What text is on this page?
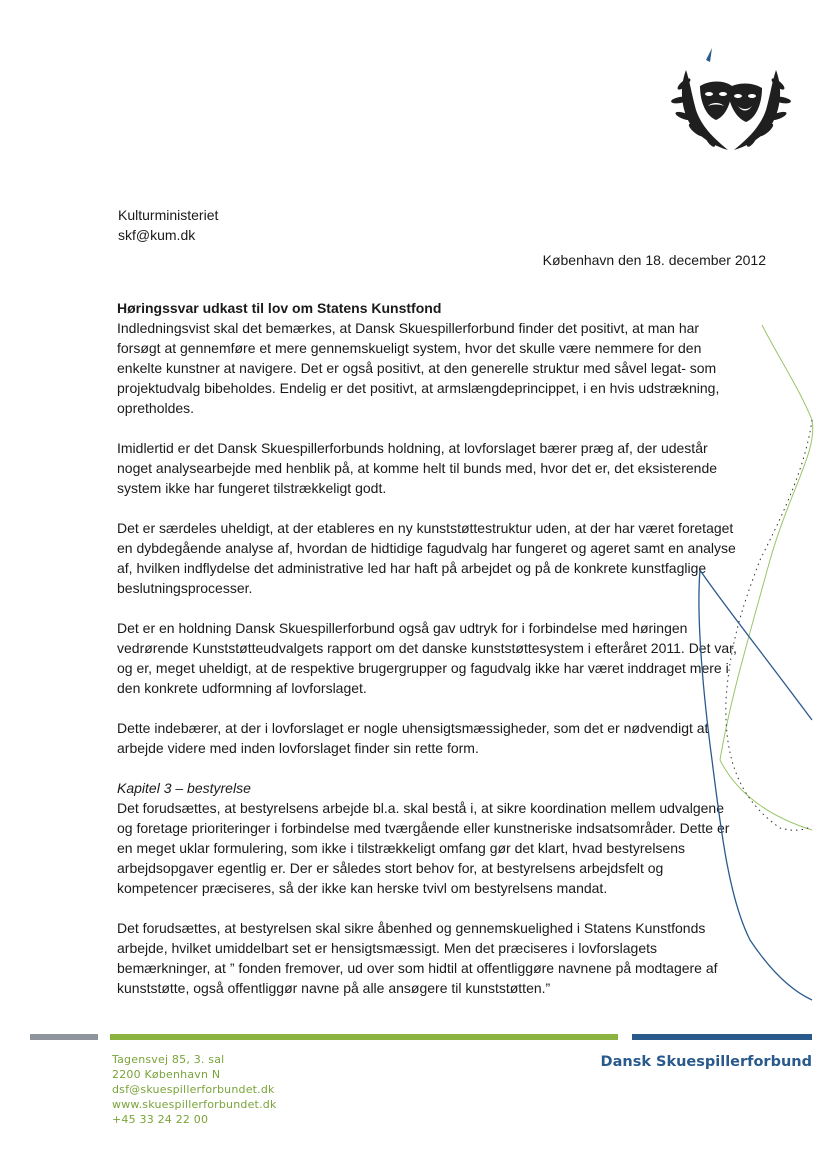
Kulturministeriet
skf@kum.dk
København den 18. december 2012
Høringssvar udkast til lov om Statens Kunstfond

Indledningsvist skal det bemærkes, at Dansk Skuespillerforbund finder det positivt, at man har forsøgt at gennemføre et mere gennemskueligt system, hvor det skulle være nemmere for den enkelte kunstner at navigere. Det er også positivt, at den generelle struktur med såvel legat- som projektudvalg bibeholdes. Endelig er det positivt, at armslængdeprincippet, i en hvis udstrækning, opretholdes.

Imidlertid er det Dansk Skuespillerforbunds holdning, at lovforslaget bærer præg af, der udestår noget analysearbejde med henblik på, at komme helt til bunds med, hvor det er, det eksisterende system ikke har fungeret tilstrækkeligt godt.

Det er særdeles uheldigt, at der etableres en ny kunststøttestruktur uden, at der har været foretaget en dybdegående analyse af, hvordan de hidtidige fagudvalg har fungeret og ageret samt en analyse af, hvilken indflydelse det administrative led har haft på arbejdet og på de konkrete kunstfaglige beslutningsprocesser.

Det er en holdning Dansk Skuespillerforbund også gav udtryk for i forbindelse med høringen vedrørende Kunststøtteudvalgets rapport om det danske kunststøttesystem i efteråret 2011. Det var, og er, meget uheldigt, at de respektive brugergrupper og fagudvalg ikke har været inddraget mere i den konkrete udformning af lovforslaget.

Dette indebærer, at der i lovforslaget er nogle uhensigtsmæssigheder, som det er nødvendigt at arbejde videre med inden lovforslaget finder sin rette form.

Kapitel 3 – bestyrelse

Det forudsættes, at bestyrelsens arbejde bl.a. skal bestå i, at sikre koordination mellem udvalgene og foretage prioriteringer i forbindelse med tværgående eller kunstneriske indsatsområder. Dette er en meget uklar formulering, som ikke i tilstrækkeligt omfang gør det klart, hvad bestyrelsens arbejdsopgaver egentlig er. Der er således stort behov for, at bestyrelsens arbejdsfelt og kompetencer præciseres, så der ikke kan herske tvivl om bestyrelsens mandat.

Det forudsættes, at bestyrelsen skal sikre åbenhed og gennemskuelighed i Statens Kunstfonds arbejde, hvilket umiddelbart set er hensigtsmæssigt. Men det præciseres i lovforslagets bemærkninger, at ” fonden fremover, ud over som hidtil at offentliggøre navnene på modtagere af kunststøtte, også offentliggør navne på alle ansøgere til kunststøtten.”

Tagensvej 85, 3. sal
2200 København N
dsf@skuespillerforbundet.dk
www.skuespillerforbundet.dk
+45 33 24 22 00
Dansk Skuespillerforbund
